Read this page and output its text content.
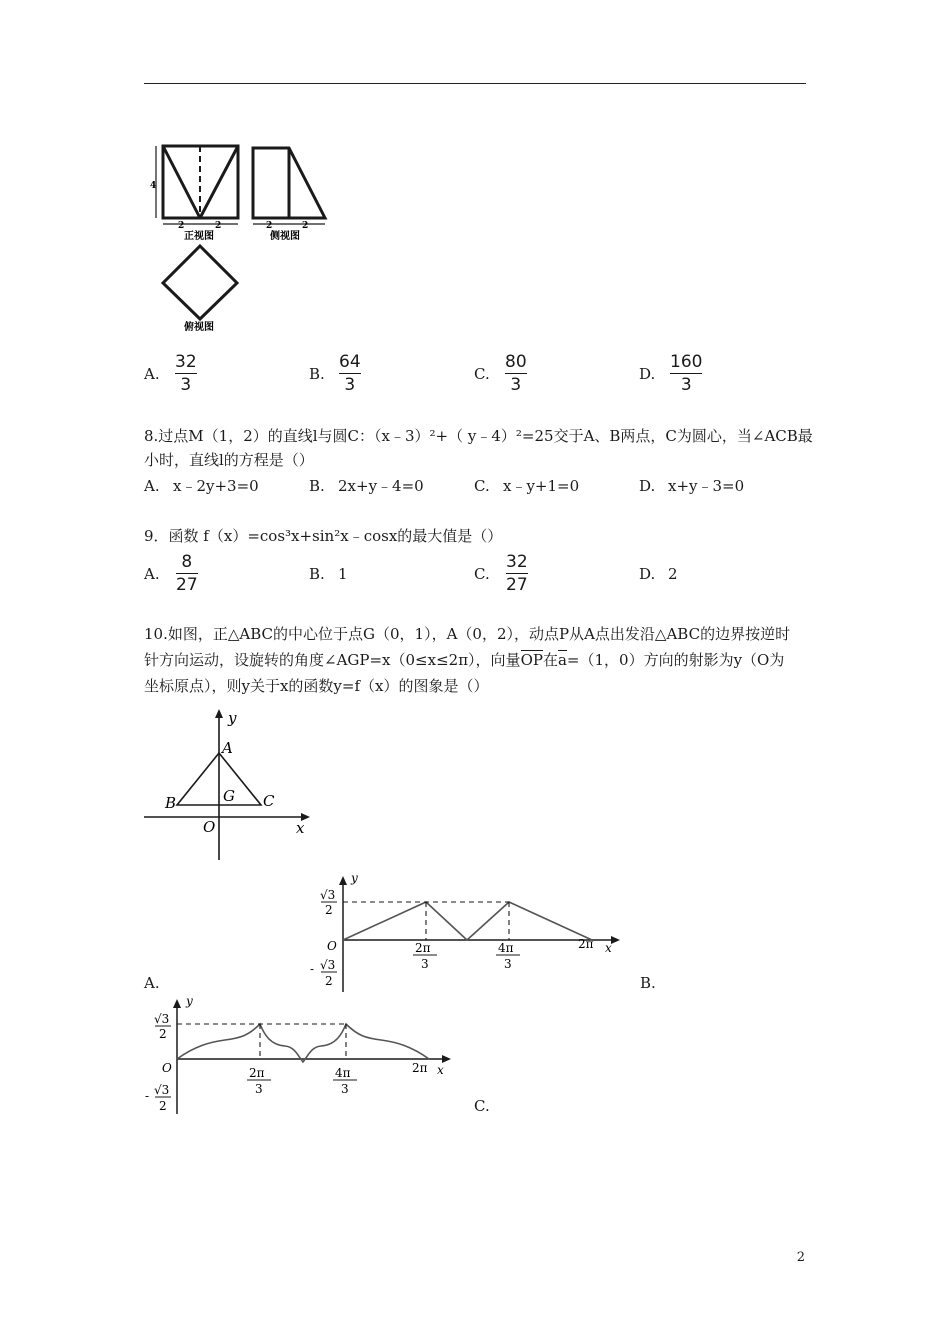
4
2	2
正视图
2	2
侧视图
俯视图
A.
32
3
B.
64
3
C.
80
3
D.
160
3
8.过点M（1，2）的直线l与圆C：（x﹣3）²+（ y﹣4）²=25交于A、B两点，C为圆心，当∠ACB最
小时，直线l的方程是（）
A. x﹣2y+3=0	B. 2x+y﹣4=0	C. x﹣y+1=0	D. x+y﹣3=0
9．函数 f（x）=cos³x+sin²x﹣cosx的最大值是（）
A.
8
27
B. 1	C.
32
27
D. 2
10.如图，正△ABC的中心位于点G（0，1），A（0，2），动点P从A点出发沿△ABC的边界按逆时
针方向运动，设旋转的角度∠AGP=x（0≤x≤2π），向量OP在a=（1，0）方向的射影为y（O为
坐标原点），则y关于x的函数y=f（x）的图象是（）
y
A
B	C
G
O	x
y
√3
2
O
- √3
2
2π
3
4π
3
2π x
A.	B.
y
√3
2
O
- √3
2
2π
3
4π
3
2π x
C.
2
